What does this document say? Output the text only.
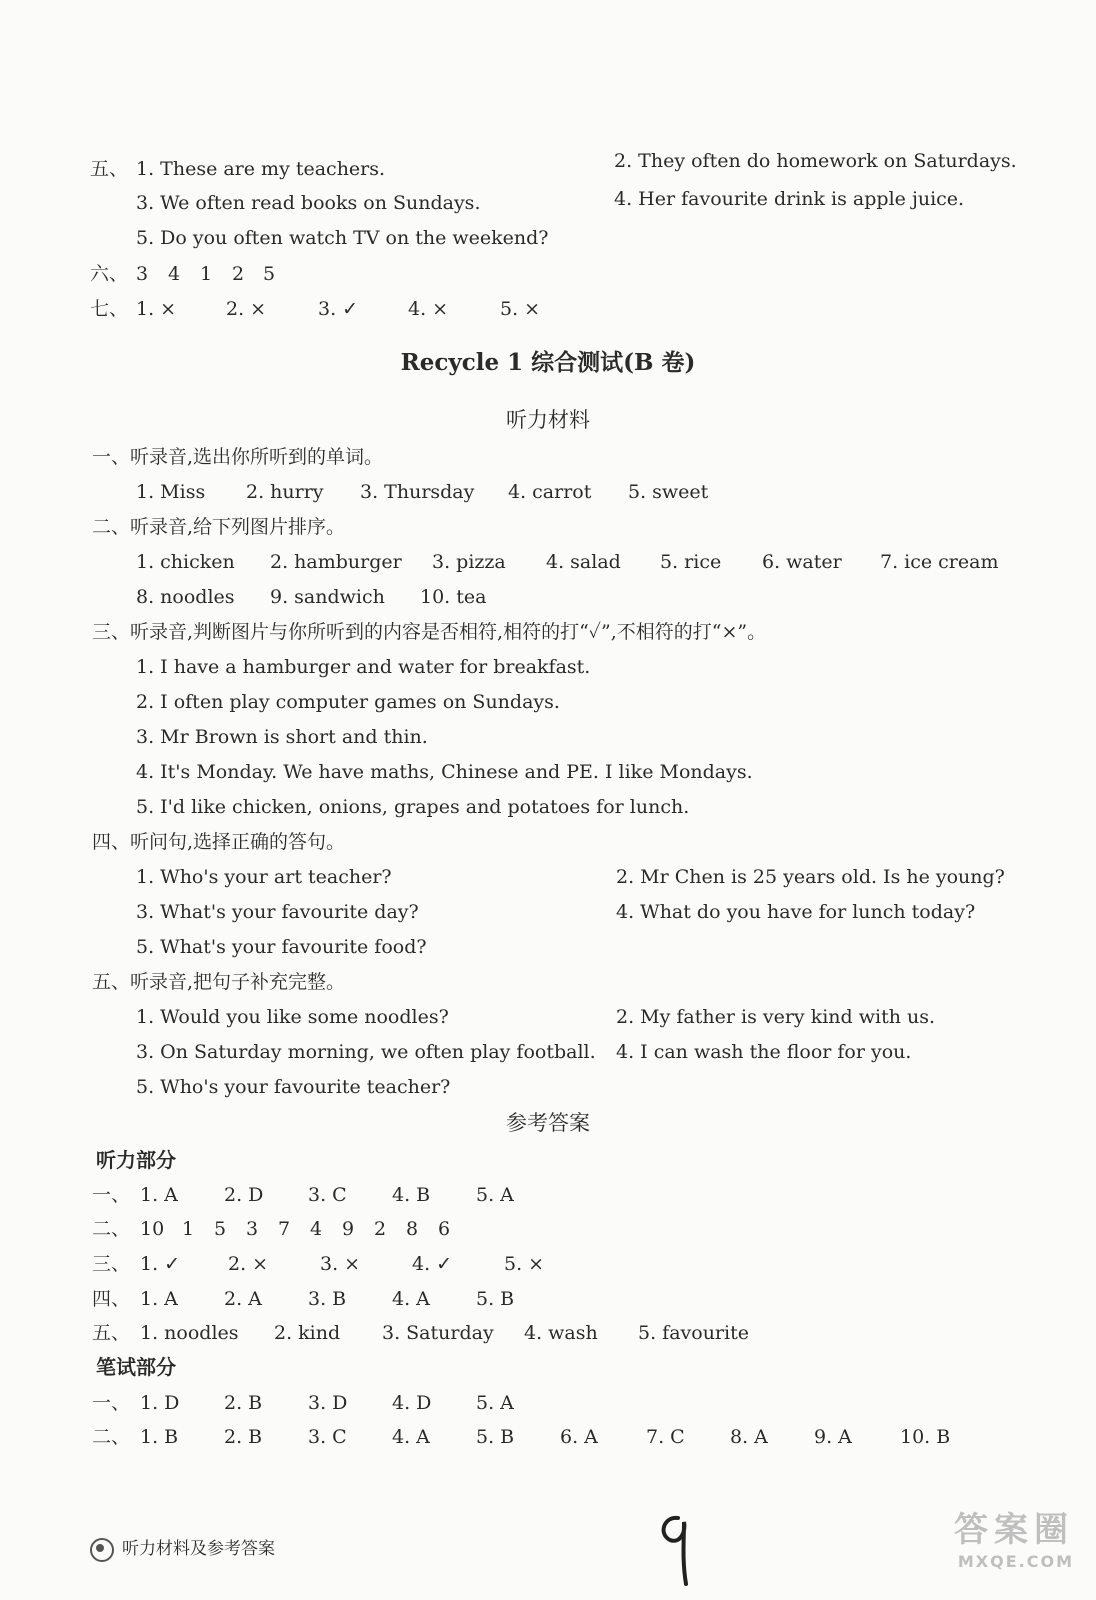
五、 1. These are my teachers.	2. They often do homework on Saturdays.
3. We often read books on Sundays.	4. Her favourite drink is apple juice.
5. Do you often watch TV on the weekend?
六、 3 4 1 2 5
七、 1. ×	2. ×	3. ✓	4. ×	5. ×
Recycle 1 综合测试(B 卷)
听力材料
一、听录音,选出你所听到的单词。
1. Miss 2. hurry 3. Thursday 4. carrot 5. sweet
二、听录音,给下列图片排序。
1. chicken 2. hamburger 3. pizza 4. salad 5. rice 6. water 7. ice cream
8. noodles 9. sandwich 10. tea
三、听录音,判断图片与你所听到的内容是否相符,相符的打“✓”,不相符的打“×”。
1. I have a hamburger and water for breakfast.
2. I often play computer games on Sundays.
3. Mr Brown is short and thin.
4. It's Monday. We have maths, Chinese and PE. I like Mondays.
5. I'd like chicken, onions, grapes and potatoes for lunch.
四、听问句,选择正确的答句。
1. Who's your art teacher?	2. Mr Chen is 25 years old. Is he young?
3. What's your favourite day?	4. What do you have for lunch today?
5. What's your favourite food?
五、听录音,把句子补充完整。
1. Would you like some noodles?	2. My father is very kind with us.
3. On Saturday morning, we often play football. 4. I can wash the floor for you.
5. Who's your favourite teacher?
参考答案
听力部分
一、 1. A 2. D 3. C 4. B 5. A
二、 10 1 5 3 7 4 9 2 8 6
三、 1. ✓	2. ×	3. ×	4. ✓	5. ×
四、 1. A 2. A 3. B 4. A 5. B
五、 1. noodles 2. kind 3. Saturday 4. wash 5. favourite
笔试部分
一、 1. D 2. B 3. D 4. D 5. A
二、 1. B 2. B 3. C 4. A 5. B 6. A	7. C 8. A 9. A	10. B
听力材料及参考答案	答案圈
MXQE.COM
